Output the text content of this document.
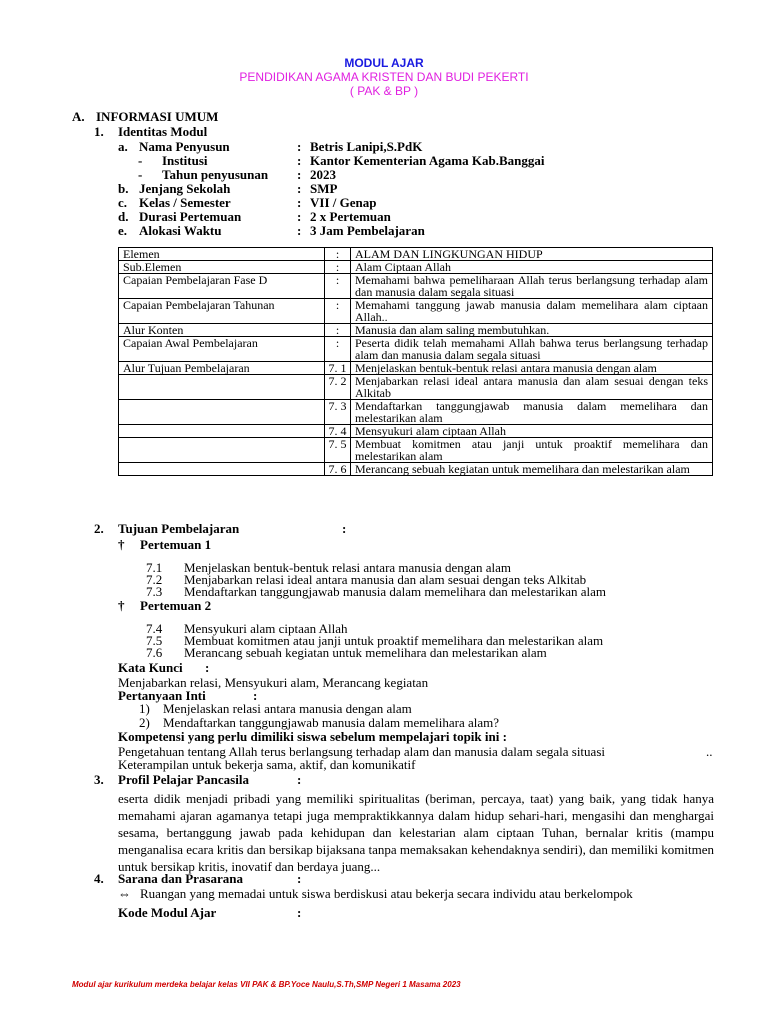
MODUL AJAR
PENDIDIKAN AGAMA KRISTEN DAN BUDI PEKERTI
( PAK & BP )
A. INFORMASI UMUM
1. Identitas Modul
a. Nama Penyusun	: Betris Lanipi,S.PdK
- Institusi	: Kantor Kementerian Agama Kab.Banggai
- Tahun penyusunan : 2023
b. Jenjang Sekolah	: SMP
c. Kelas / Semester	: VII / Genap
d. Durasi Pertemuan	: 2 x Pertemuan
e. Alokasi Waktu	: 3 Jam Pembelajaran
Elemen	:	ALAM DAN LINGKUNGAN HIDUP
Sub.Elemen	:	Alam Ciptaan Allah
Capaian Pembelajaran Fase D	:	Memahami bahwa pemeliharaan Allah terus berlangsung terhadap alam dan manusia dalam segala situasi
Capaian Pembelajaran Tahunan	:	Memahami tanggung jawab manusia dalam memelihara alam ciptaan Allah..
Alur Konten	:	Manusia dan alam saling membutuhkan.
Capaian Awal Pembelajaran	:	Peserta didik telah memahami Allah bahwa terus berlangsung terhadap alam dan manusia dalam segala situasi
Alur Tujuan Pembelajaran	7. 1	Menjelaskan bentuk-bentuk relasi antara manusia dengan alam
	7. 2	Menjabarkan relasi ideal antara manusia dan alam sesuai dengan teks Alkitab
	7. 3	Mendaftarkan tanggungjawab manusia dalam memelihara dan melestarikan alam
	7. 4	Mensyukuri alam ciptaan Allah
	7. 5	Membuat komitmen atau janji untuk proaktif memelihara dan melestarikan alam
	7. 6	Merancang sebuah kegiatan untuk memelihara dan melestarikan alam
2. Tujuan Pembelajaran	:
† Pertemuan 1
7.1 Menjelaskan bentuk-bentuk relasi antara manusia dengan alam
7.2 Menjabarkan relasi ideal antara manusia dan alam sesuai dengan teks Alkitab
7.3 Mendaftarkan tanggungjawab manusia dalam memelihara dan melestarikan alam
† Pertemuan 2
7.4 Mensyukuri alam ciptaan Allah
7.5 Membuat komitmen atau janji untuk proaktif memelihara dan melestarikan alam
7.6 Merancang sebuah kegiatan untuk memelihara dan melestarikan alam
Kata Kunci :
Menjabarkan relasi, Mensyukuri alam, Merancang kegiatan
Pertanyaan Inti	:
1) Menjelaskan relasi antara manusia dengan alam
2) Mendaftarkan tanggungjawab manusia dalam memelihara alam?
Kompetensi yang perlu dimiliki siswa sebelum mempelajari topik ini :
Pengetahuan tentang Allah terus berlangsung terhadap alam dan manusia dalam segala situasi	..
Keterampilan untuk bekerja sama, aktif, dan komunikatif
3. Profil Pelajar Pancasila	:
eserta didik menjadi pribadi yang memiliki spiritualitas (beriman, percaya, taat) yang baik, yang tidak hanya memahami ajaran agamanya tetapi juga mempraktikkannya dalam hidup sehari-hari, mengasihi dan menghargai sesama, bertanggung jawab pada kehidupan dan kelestarian alam ciptaan Tuhan, bernalar kritis (mampu menganalisa ecara kritis dan bersikap bijaksana tanpa memaksakan kehendaknya sendiri), dan memiliki komitmen untuk bersikap kritis, inovatif dan berdaya juang...
4. Sarana dan Prasarana	:
⇔ Ruangan yang memadai untuk siswa berdiskusi atau bekerja secara individu atau berkelompok
Kode Modul Ajar	:
Modul ajar kurikulum merdeka belajar kelas VII PAK & BP.Yoce Naulu,S.Th,SMP Negeri 1 Masama 2023
